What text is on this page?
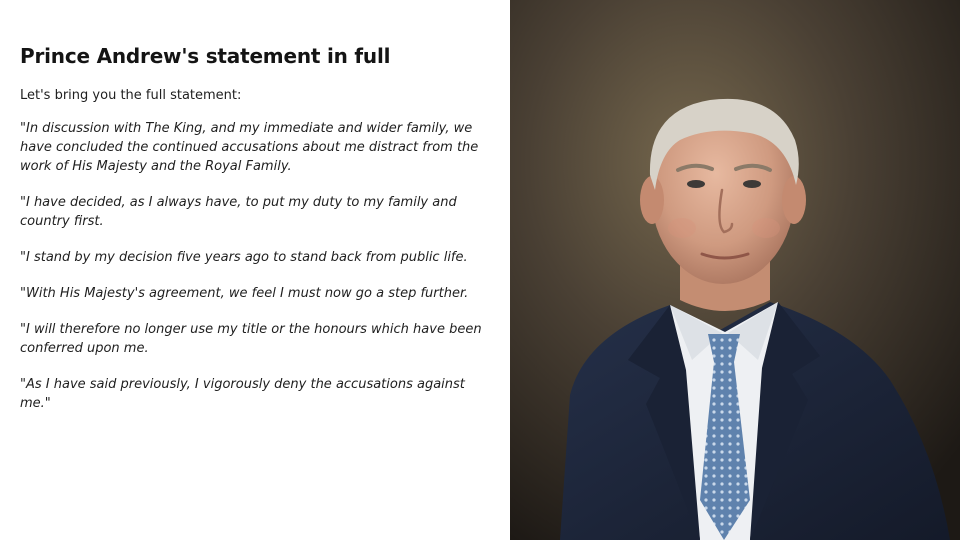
Prince Andrew's statement in full

Let's bring you the full statement:

"In discussion with The King, and my immediate and wider family, we have concluded the continued accusations about me distract from the work of His Majesty and the Royal Family.

"I have decided, as I always have, to put my duty to my family and country first.

"I stand by my decision five years ago to stand back from public life.

"With His Majesty's agreement, we feel I must now go a step further.

"I will therefore no longer use my title or the honours which have been conferred upon me.

"As I have said previously, I vigorously deny the accusations against me."
